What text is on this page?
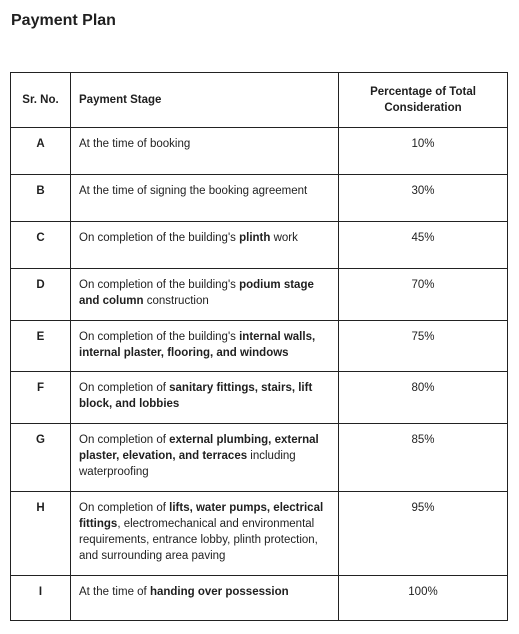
Payment Plan
Sr. No.	Payment Stage	Percentage of Total Consideration
A	At the time of booking	10%
B	At the time of signing the booking agreement	30%
C	On completion of the building's plinth work	45%
D	On completion of the building's podium stage and column construction	70%
E	On completion of the building's internal walls, internal plaster, flooring, and windows	75%
F	On completion of sanitary fittings, stairs, lift block, and lobbies	80%
G	On completion of external plumbing, external plaster, elevation, and terraces including waterproofing	85%
H	On completion of lifts, water pumps, electrical fittings, electromechanical and environmental requirements, entrance lobby, plinth protection, and surrounding area paving	95%
I	At the time of handing over possession	100%
